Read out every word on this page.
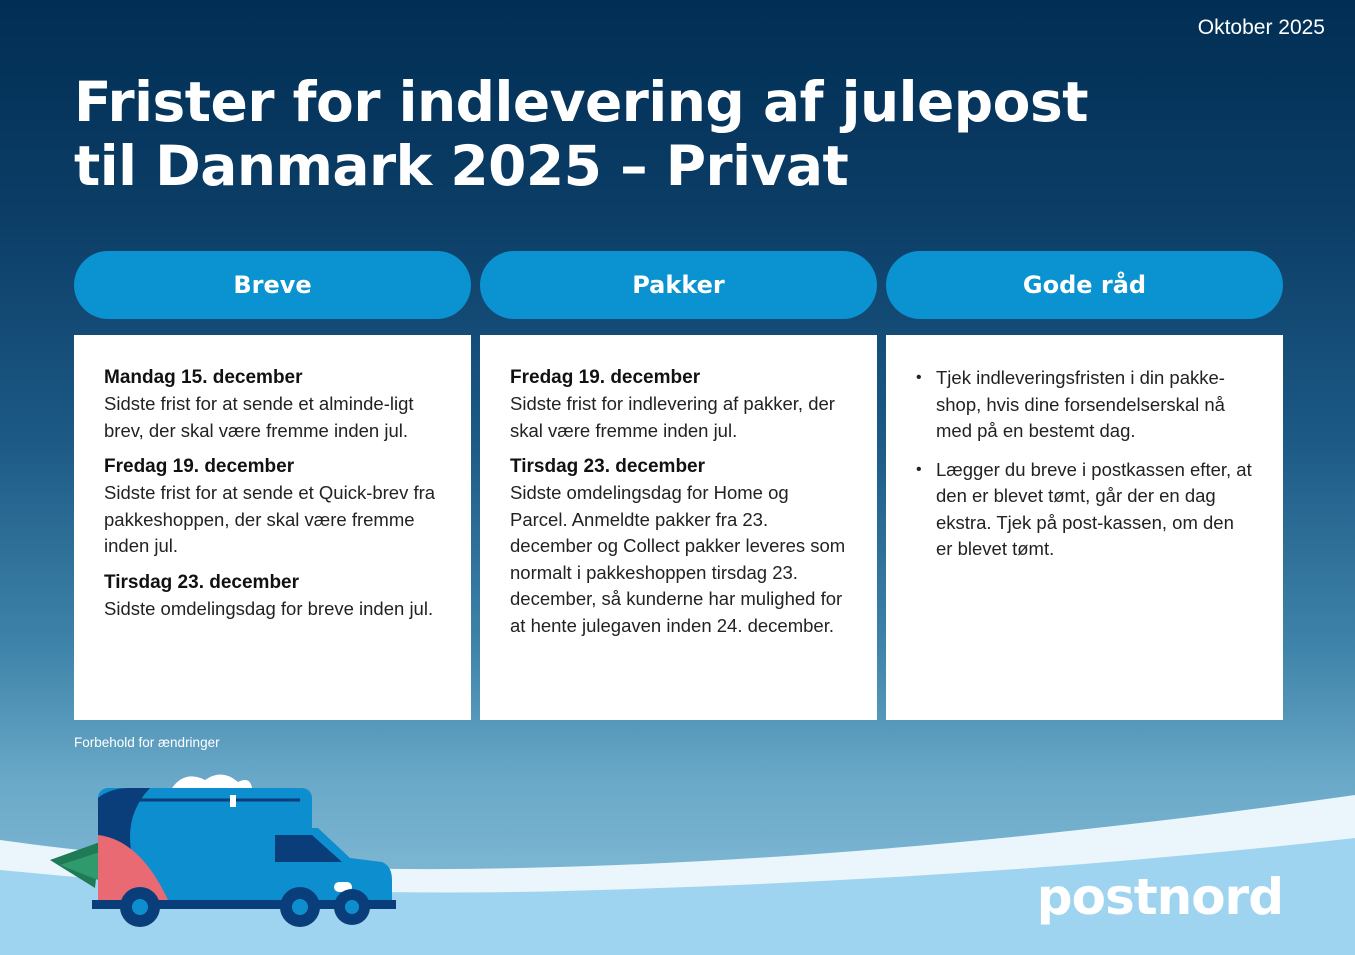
Oktober 2025
Frister for indlevering af julepost
til Danmark 2025 – Privat
Breve	Pakker	Gode råd
Mandag 15. december
Sidste frist for at sende et alminde-ligt brev, der skal være fremme inden jul.
Fredag 19. december
Sidste frist for at sende et Quick-brev fra pakkeshoppen, der skal være fremme inden jul.
Tirsdag 23. december
Sidste omdelingsdag for breve inden jul.
Fredag 19. december
Sidste frist for indlevering af pakker, der skal være fremme inden jul.
Tirsdag 23. december
Sidste omdelingsdag for Home og Parcel. Anmeldte pakker fra 23. december og Collect pakker leveres som normalt i pakkeshoppen tirsdag 23. december, så kunderne har mulighed for at hente julegaven inden 24. december.
• Tjek indleveringsfristen i din pakke-shop, hvis dine forsendelserskal nå med på en bestemt dag.
• Lægger du breve i postkassen efter, at den er blevet tømt, går der en dag ekstra. Tjek på post-kassen, om den er blevet tømt.
Forbehold for ændringer
postnord
